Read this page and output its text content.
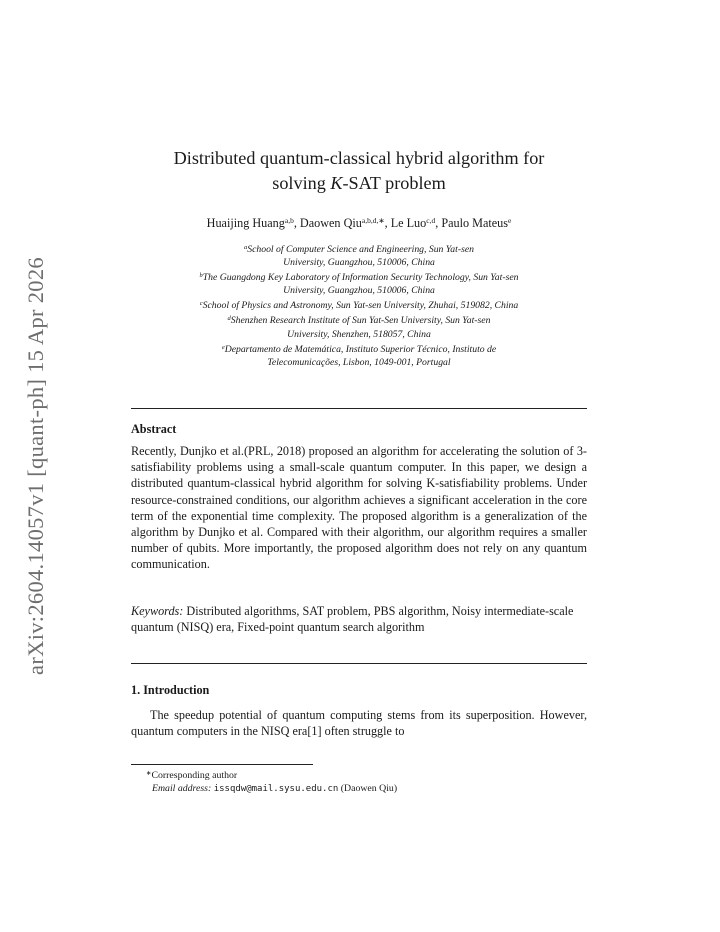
arXiv:2604.14057v1 [quant-ph] 15 Apr 2026
Distributed quantum-classical hybrid algorithm for
solving K-SAT problem
Huaijing Huang$^{a,b}$, Daowen Qiu$^{a,b,d,∗}$, Le Luo$^{c,d}$, Paulo Mateus$^e$
$^a$School of Computer Science and Engineering, Sun Yat-sen
University, Guangzhou, 510006, China
$^b$The Guangdong Key Laboratory of Information Security Technology, Sun Yat-sen
University, Guangzhou, 510006, China
$^c$School of Physics and Astronomy, Sun Yat-sen University, Zhuhai, 519082, China
$^d$Shenzhen Research Institute of Sun Yat-Sen University, Sun Yat-sen
University, Shenzhen, 518057, China
$^e$Departamento de Matemática, Instituto Superior Técnico, Instituto de
Telecomunicações, Lisbon, 1049-001, Portugal
Abstract
Recently, Dunjko et al.(PRL, 2018) proposed an algorithm for accelerating the solution of 3-satisfiability problems using a small-scale quantum computer. In this paper, we design a distributed quantum-classical hybrid algorithm for solving K-satisfiability problems. Under resource-constrained conditions, our algorithm achieves a significant acceleration in the core term of the exponential time complexity. The proposed algorithm is a generalization of the algorithm by Dunjko et al. Compared with their algorithm, our algorithm requires a smaller number of qubits. More importantly, the proposed algorithm does not rely on any quantum communication.
Keywords: Distributed algorithms, SAT problem, PBS algorithm, Noisy intermediate-scale quantum (NISQ) era, Fixed-point quantum search algorithm
1. Introduction
The speedup potential of quantum computing stems from its superposition. However, quantum computers in the NISQ era[1] often struggle to
∗Corresponding author
Email address: issqdw@mail.sysu.edu.cn (Daowen Qiu)
